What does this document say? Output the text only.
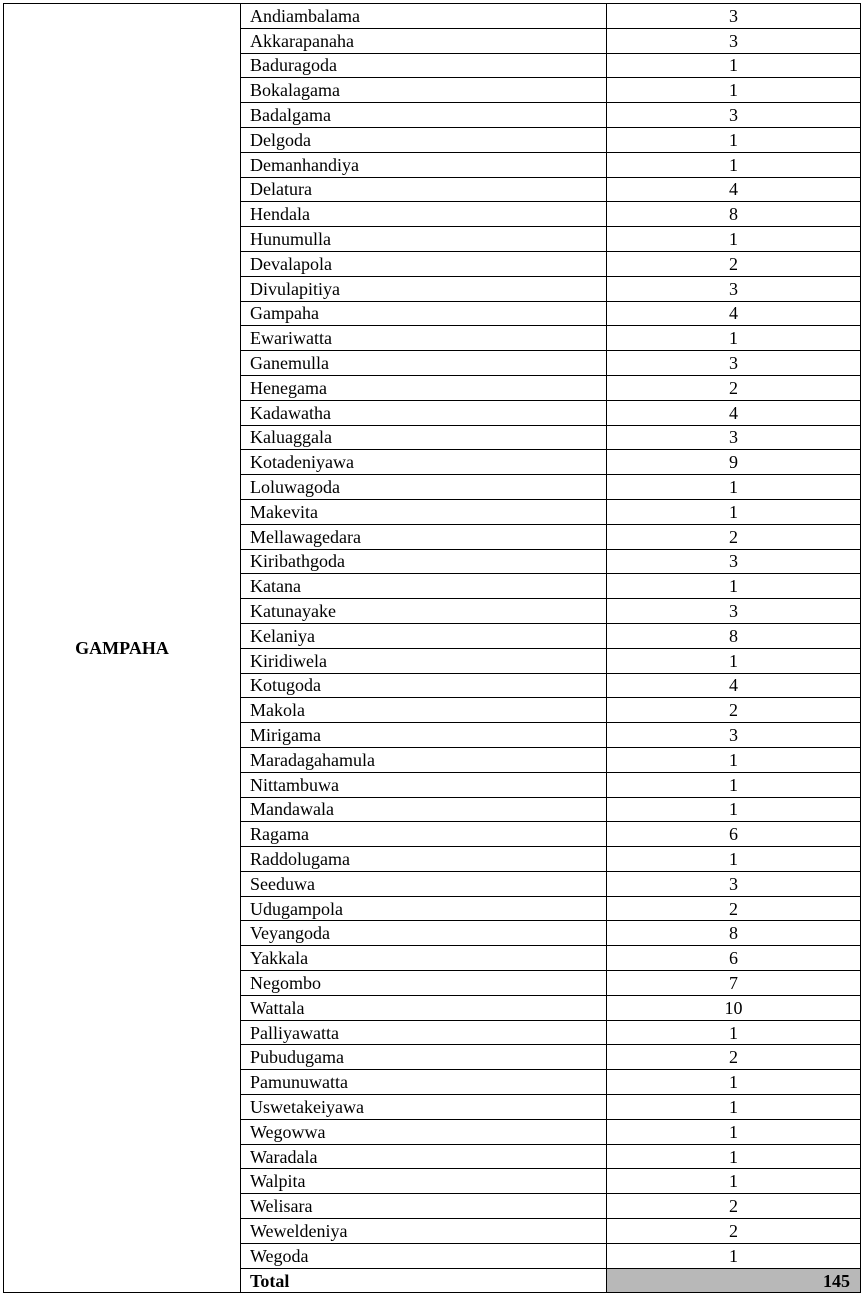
GAMPAHA	Andiambalama	3
	Akkarapanaha	3
	Baduragoda	1
	Bokalagama	1
	Badalgama	3
	Delgoda	1
	Demanhandiya	1
	Delatura	4
	Hendala	8
	Hunumulla	1
	Devalapola	2
	Divulapitiya	3
	Gampaha	4
	Ewariwatta	1
	Ganemulla	3
	Henegama	2
	Kadawatha	4
	Kaluaggala	3
	Kotadeniyawa	9
	Loluwagoda	1
	Makevita	1
	Mellawagedara	2
	Kiribathgoda	3
	Katana	1
	Katunayake	3
	Kelaniya	8
	Kiridiwela	1
	Kotugoda	4
	Makola	2
	Mirigama	3
	Maradagahamula	1
	Nittambuwa	1
	Mandawala	1
	Ragama	6
	Raddolugama	1
	Seeduwa	3
	Udugampola	2
	Veyangoda	8
	Yakkala	6
	Negombo	7
	Wattala	10
	Palliyawatta	1
	Pubudugama	2
	Pamunuwatta	1
	Uswetakeiyawa	1
	Wegowwa	1
	Waradala	1
	Walpita	1
	Welisara	2
	Weweldeniya	2
	Wegoda	1
	Total	145
